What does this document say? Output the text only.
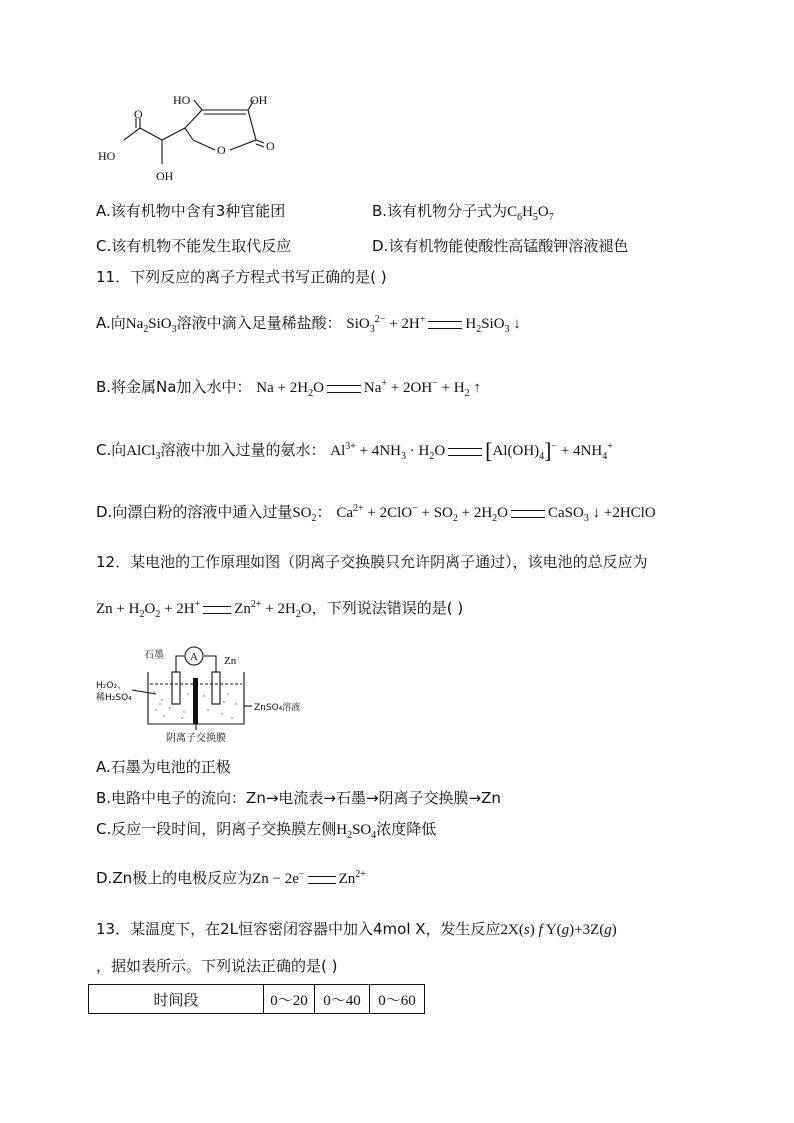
HO	OH
O
HO	O	O
OH
A.该有机物中含有3种官能团	B.该有机物分子式为$C_6H_5O_7$
C.该有机物不能发生取代反应	D.该有机物能使酸性高锰酸钾溶液褪色
11．下列反应的离子方程式书写正确的是( )
A.向$Na_2SiO_3$溶液中滴入足量稀盐酸： SiO$_3^{2-}$ + 2H+	$H_2SiO_3$ ↓
B.将金属Na加入水中： $Na + 2H_2O$	$Na^+ + 2OH^- + H_2$ ↑
C.向AlCl$_3$溶液中加入过量的氨水： $Al^{3+} + 4NH_3 \cdot H_2O$ $[Al(OH)_4]^- + 4NH_4^+$
D.向漂白粉的溶液中通入过量$SO_2$： $Ca^{2+} + 2ClO^- + SO_2 + 2H_2O$	CaSO$_3$ ↓ +2HClO
12．某电池的工作原理如图（阴离子交换膜只允许阴离子通过），该电池的总反应为
$Zn + H_2O_2 + 2H^+$ $Zn^{2+} + 2H_2O$，下列说法错误的是( )
石墨 A Zn
H₂O₂、
稀H₂SO₄
ZnSO₄溶液
阴离子交换膜
A.石墨为电池的正极
B.电路中电子的流向：Zn→电流表→石墨→阴离子交换膜→Zn
C.反应一段时间，阴离子交换膜左侧$H_2SO_4$浓度降低
D.Zn极上的电极反应为Zn − 2e− $Zn^{2+}$
13．某温度下，在2L恒容密闭容器中加入4mol X，发生反应2X(s) f Y(g)+3Z(g)
，据如表所示。下列说法正确的是( )
时间段	0～20	0～40	0～60
